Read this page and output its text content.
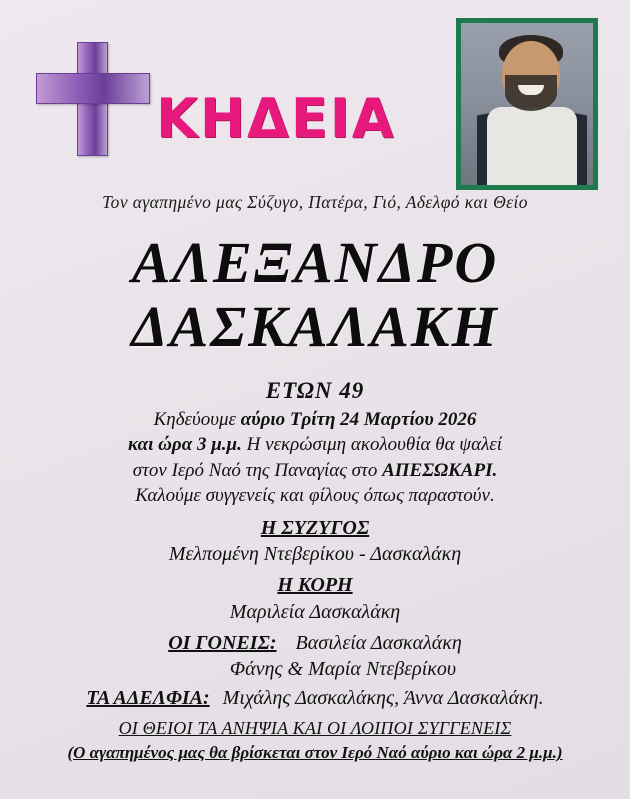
ΚΗΔΕΙΑ
Τον αγαπημένο μας Σύζυγο, Πατέρα, Γιό, Αδελφό και Θείο
ΑΛΕΞΑΝΔΡΟ
ΔΑΣΚΑΛΑΚΗ
ΕΤΩΝ 49
Κηδεύουμε αύριο Τρίτη 24 Μαρτίου 2026
και ώρα 3 μ.μ. Η νεκρώσιμη ακολουθία θα ψαλεί
στον Ιερό Ναό της Παναγίας στο ΑΠΕΣΩΚΑΡΙ.
Καλούμε συγγενείς και φίλους όπως παραστούν.
Η ΣΥΖΥΓΟΣ
Μελπομένη Ντεβερίκου - Δασκαλάκη
Η ΚΟΡΗ
Μαριλεία Δασκαλάκη
ΟΙ ΓΟΝΕΙΣ: Βασιλεία Δασκαλάκη
Φάνης & Μαρία Ντεβερίκου
ΤΑ ΑΔΕΛΦΙΑ: Μιχάλης Δασκαλάκης, Άννα Δασκαλάκη.
ΟΙ ΘΕΙΟΙ ΤΑ ΑΝΗΨΙΑ ΚΑΙ ΟΙ ΛΟΙΠΟΙ ΣΥΓΓΕΝΕΙΣ
(Ο αγαπημένος μας θα βρίσκεται στον Ιερό Ναό αύριο και ώρα 2 μ.μ.)
